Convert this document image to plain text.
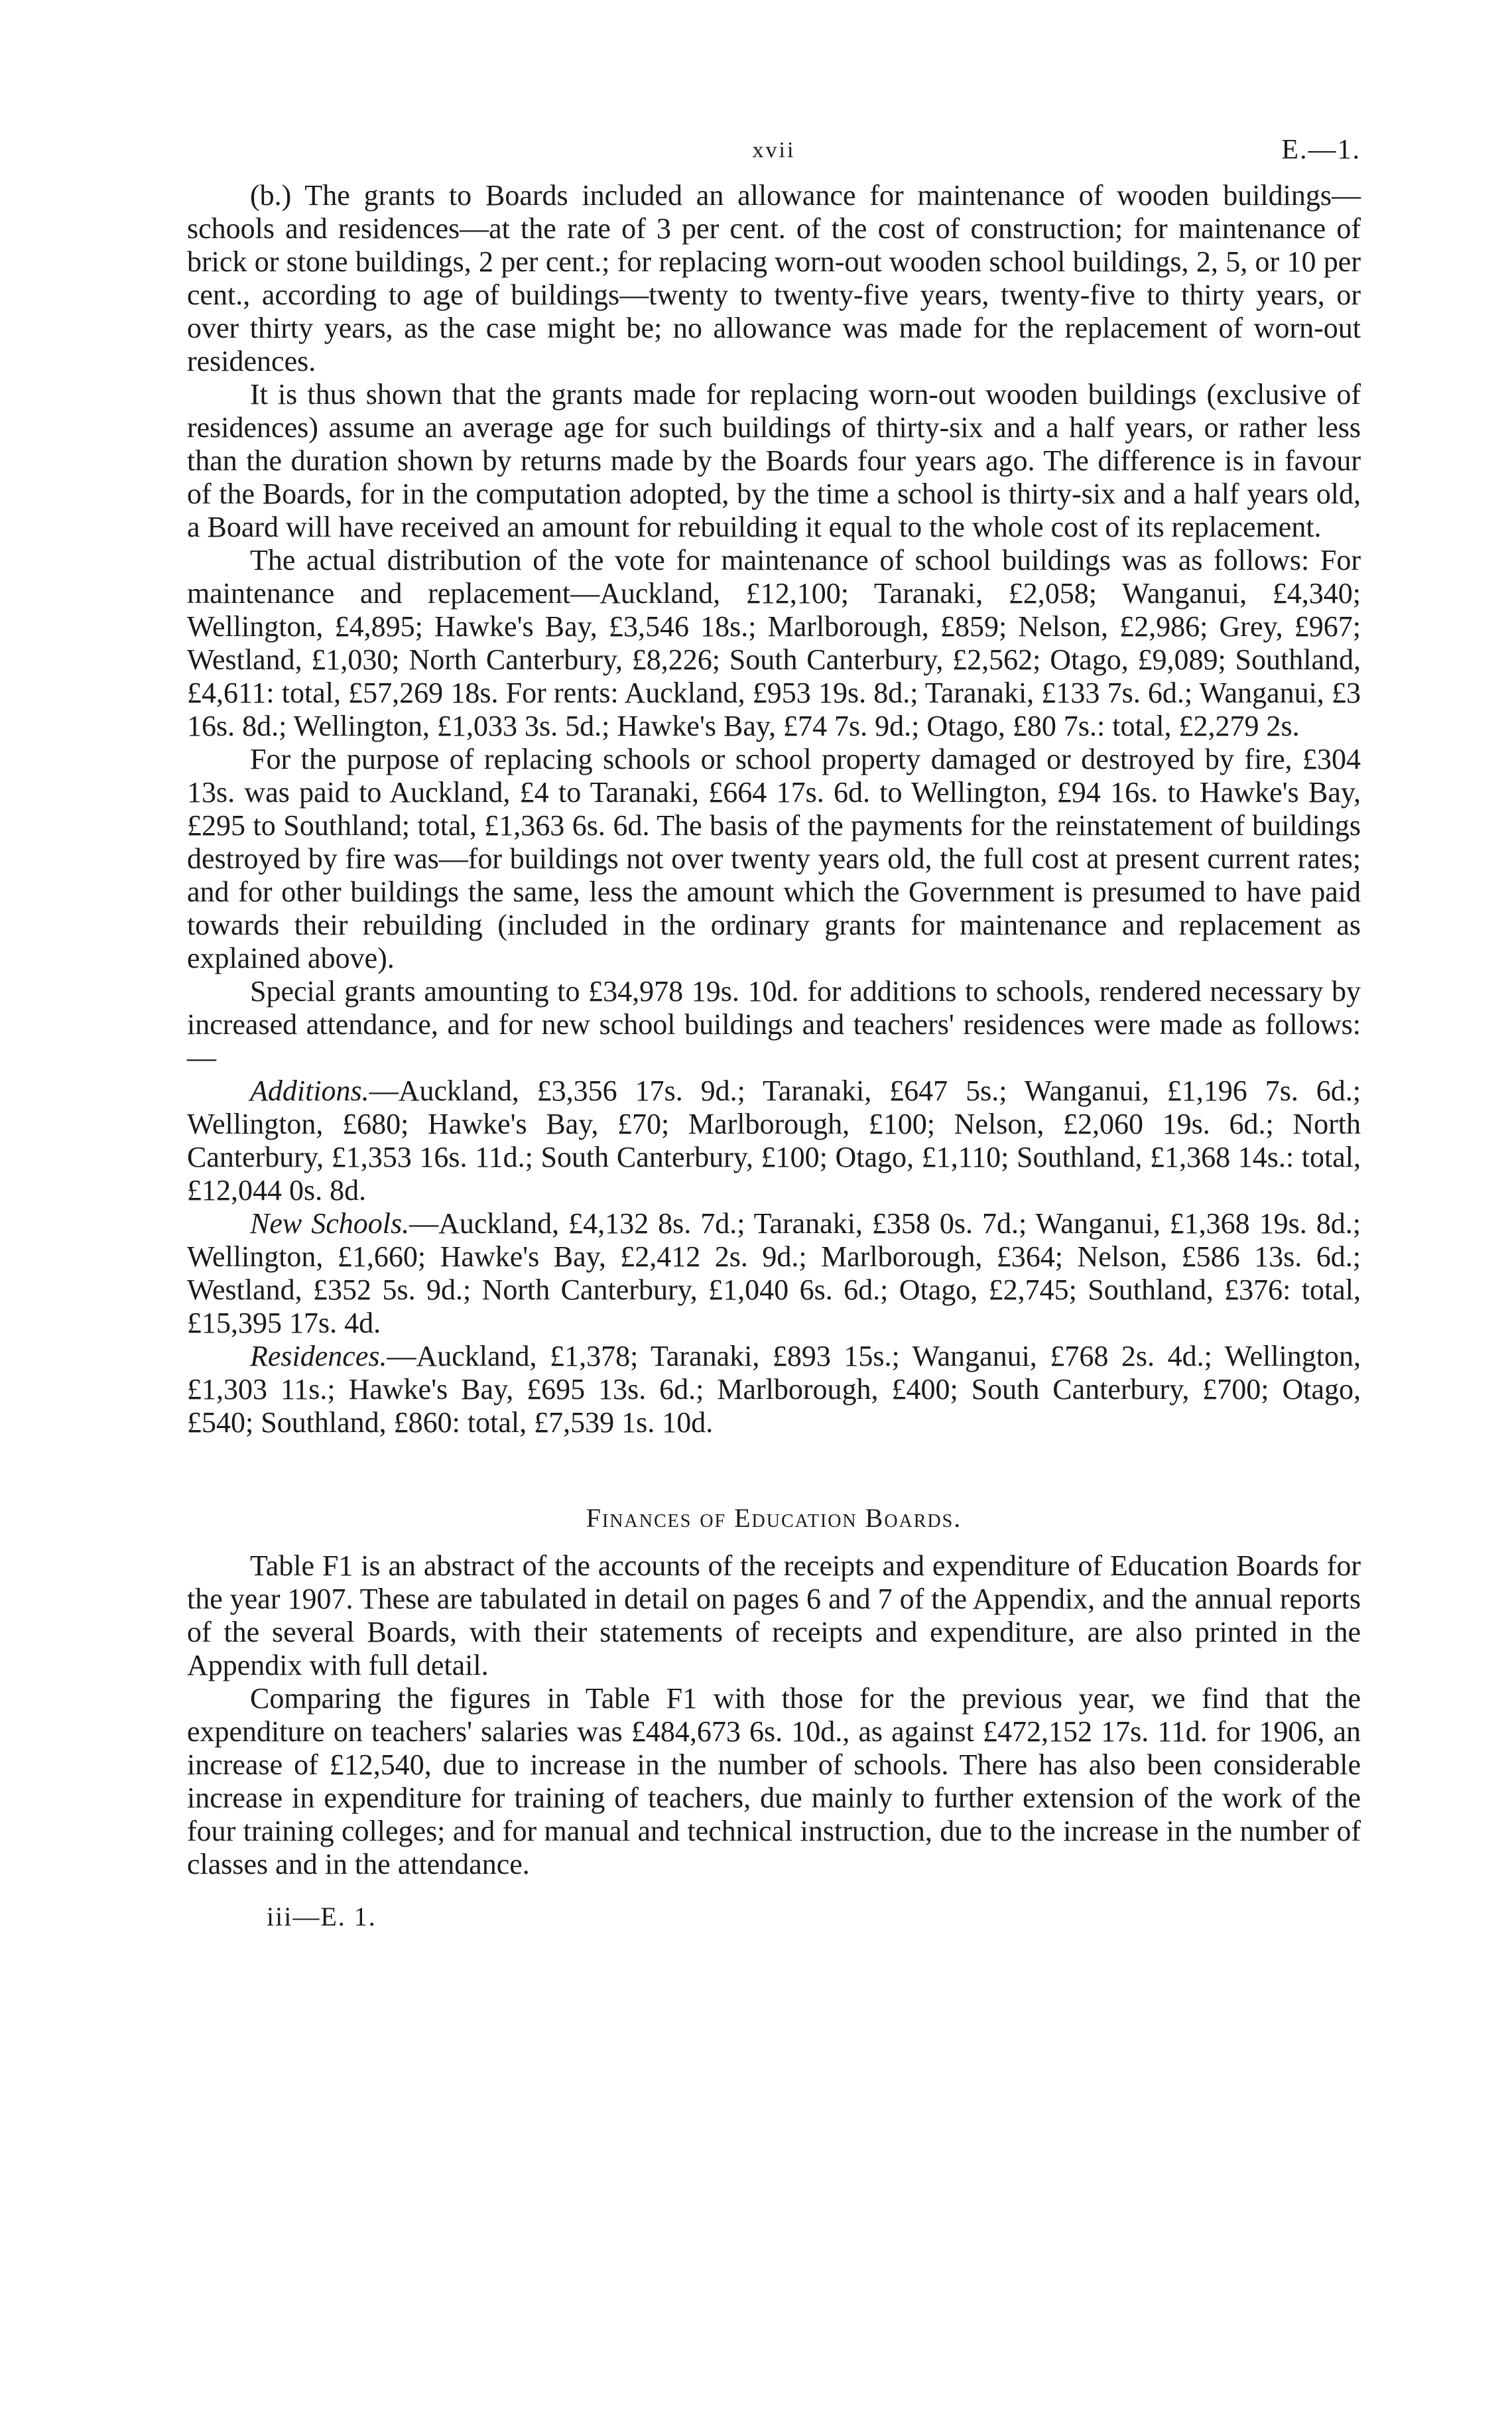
xvii	E.—1.

(b.) The grants to Boards included an allowance for maintenance of wooden buildings—schools and residences—at the rate of 3 per cent. of the cost of construction; for maintenance of brick or stone buildings, 2 per cent.; for replacing worn-out wooden school buildings, 2, 5, or 10 per cent., according to age of buildings—twenty to twenty-five years, twenty-five to thirty years, or over thirty years, as the case might be; no allowance was made for the replacement of worn-out residences.

It is thus shown that the grants made for replacing worn-out wooden buildings (exclusive of residences) assume an average age for such buildings of thirty-six and a half years, or rather less than the duration shown by returns made by the Boards four years ago. The difference is in favour of the Boards, for in the computation adopted, by the time a school is thirty-six and a half years old, a Board will have received an amount for rebuilding it equal to the whole cost of its replacement.

The actual distribution of the vote for maintenance of school buildings was as follows: For maintenance and replacement—Auckland, £12,100; Taranaki, £2,058; Wanganui, £4,340; Wellington, £4,895; Hawke's Bay, £3,546 18s.; Marlborough, £859; Nelson, £2,986; Grey, £967; Westland, £1,030; North Canterbury, £8,226; South Canterbury, £2,562; Otago, £9,089; Southland, £4,611: total, £57,269 18s. For rents: Auckland, £953 19s. 8d.; Taranaki, £133 7s. 6d.; Wanganui, £3 16s. 8d.; Wellington, £1,033 3s. 5d.; Hawke's Bay, £74 7s. 9d.; Otago, £80 7s.: total, £2,279 2s.

For the purpose of replacing schools or school property damaged or destroyed by fire, £304 13s. was paid to Auckland, £4 to Taranaki, £664 17s. 6d. to Wellington, £94 16s. to Hawke's Bay, £295 to Southland; total, £1,363 6s. 6d. The basis of the payments for the reinstatement of buildings destroyed by fire was—for buildings not over twenty years old, the full cost at present current rates; and for other buildings the same, less the amount which the Government is presumed to have paid towards their rebuilding (included in the ordinary grants for maintenance and replacement as explained above).

Special grants amounting to £34,978 19s. 10d. for additions to schools, rendered necessary by increased attendance, and for new school buildings and teachers' residences were made as follows:—

Additions.—Auckland, £3,356 17s. 9d.; Taranaki, £647 5s.; Wanganui, £1,196 7s. 6d.; Wellington, £680; Hawke's Bay, £70; Marlborough, £100; Nelson, £2,060 19s. 6d.; North Canterbury, £1,353 16s. 11d.; South Canterbury, £100; Otago, £1,110; Southland, £1,368 14s.: total, £12,044 0s. 8d.

New Schools.—Auckland, £4,132 8s. 7d.; Taranaki, £358 0s. 7d.; Wanganui, £1,368 19s. 8d.; Wellington, £1,660; Hawke's Bay, £2,412 2s. 9d.; Marlborough, £364; Nelson, £586 13s. 6d.; Westland, £352 5s. 9d.; North Canterbury, £1,040 6s. 6d.; Otago, £2,745; Southland, £376: total, £15,395 17s. 4d.

Residences.—Auckland, £1,378; Taranaki, £893 15s.; Wanganui, £768 2s. 4d.; Wellington, £1,303 11s.; Hawke's Bay, £695 13s. 6d.; Marlborough, £400; South Canterbury, £700; Otago, £540; Southland, £860: total, £7,539 1s. 10d.

Finances of Education Boards.

Table F1 is an abstract of the accounts of the receipts and expenditure of Education Boards for the year 1907. These are tabulated in detail on pages 6 and 7 of the Appendix, and the annual reports of the several Boards, with their statements of receipts and expenditure, are also printed in the Appendix with full detail.

Comparing the figures in Table F1 with those for the previous year, we find that the expenditure on teachers' salaries was £484,673 6s. 10d., as against £472,152 17s. 11d. for 1906, an increase of £12,540, due to increase in the number of schools. There has also been considerable increase in expenditure for training of teachers, due mainly to further extension of the work of the four training colleges; and for manual and technical instruction, due to the increase in the number of classes and in the attendance.

iii—E. 1.
